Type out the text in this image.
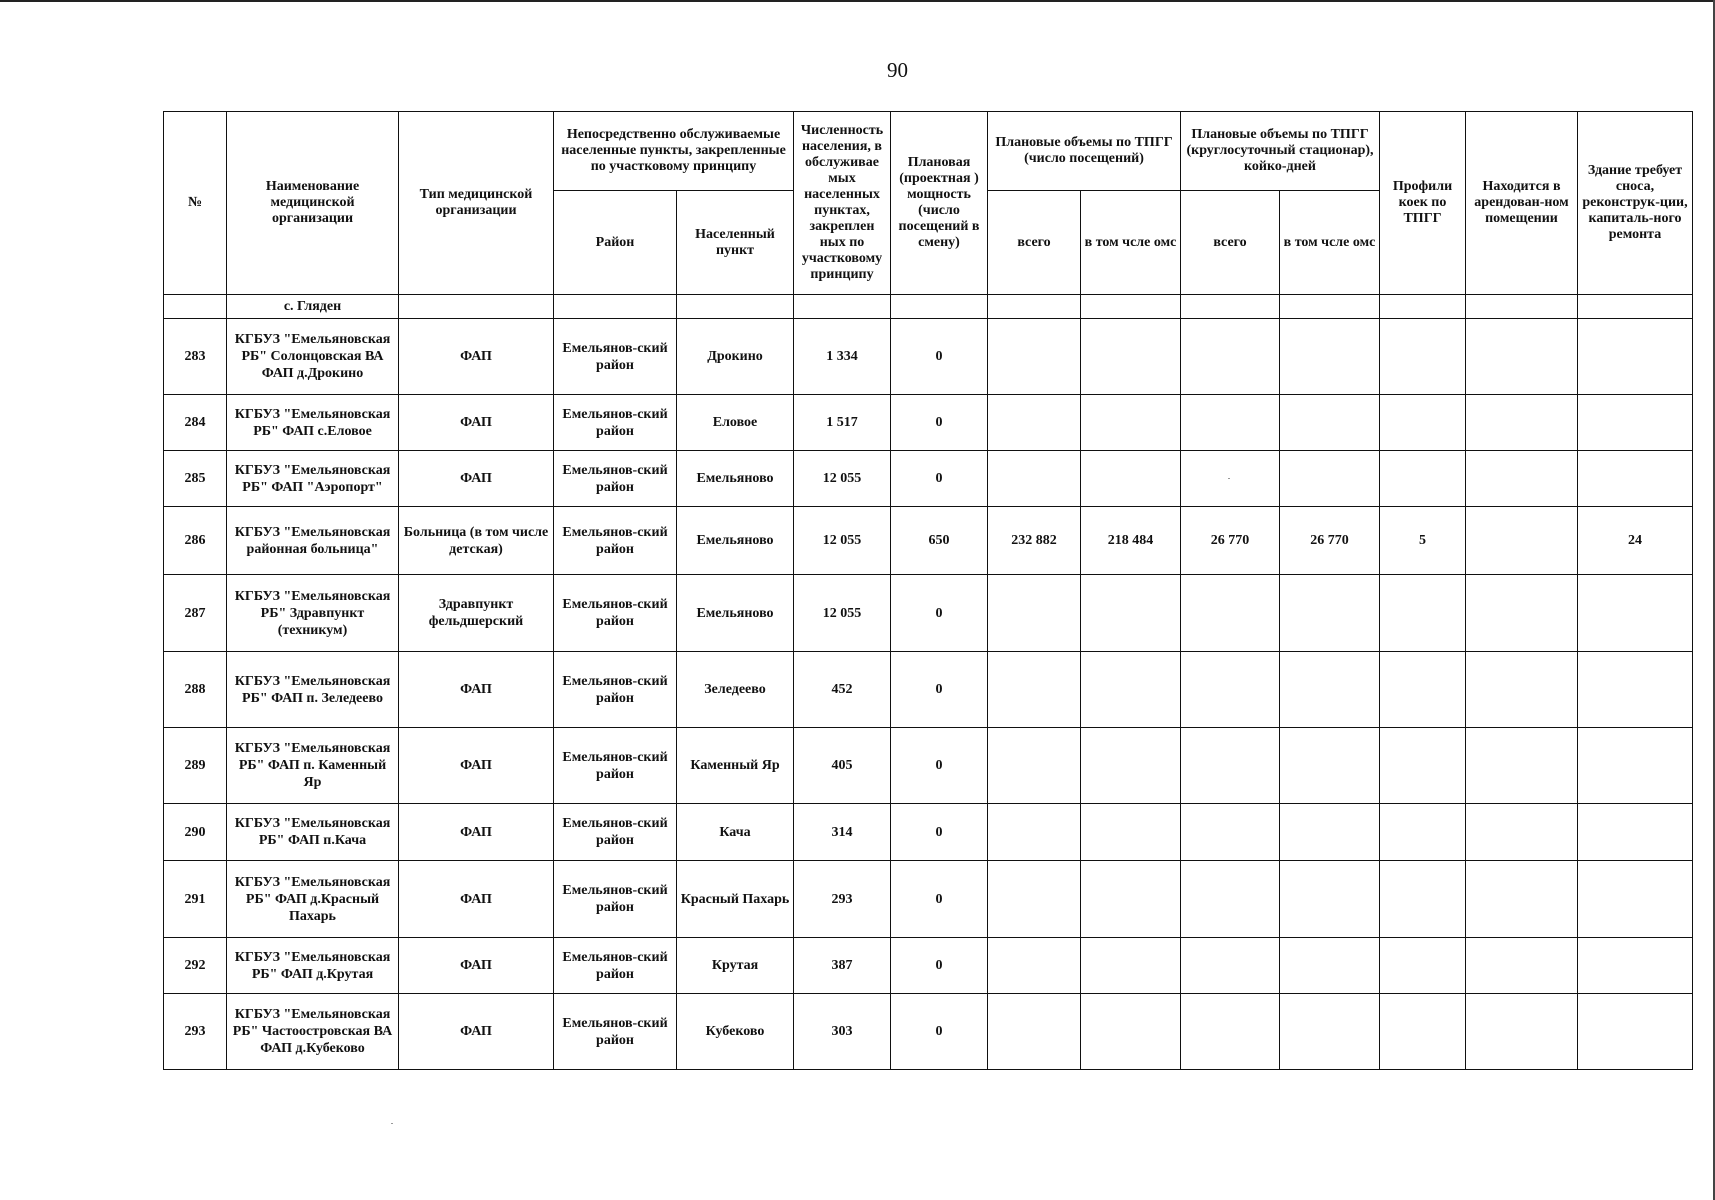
90
№	Наименование медицинской организации	Тип медицинской организации	Непосредственно обслуживаемые населенные пункты, закрепленные по участковому принципу		Численность населения, в обслуживае мых населенных пунктах, закреплен ных по участковому принципу	Плановая (проектная ) мощность (число посещений в смену)	Плановые объемы по ТПГГ (число посещений)		Плановые объемы по ТПГГ (круглосуточный стационар), койко-дней		Профили коек по ТПГГ	Находится в арендован-ном помещении	Здание требует сноса, реконструк-ции, капиталь-ного ремонта
			Район	Населенный пункт			всего	в том чсле омс	всего	в том чсле омс			
	с. Гляден												
283	КГБУЗ "Емельяновская РБ" Солонцовская ВА ФАП д.Дрокино	ФАП	Емельянов-ский район	Дрокино	1 334	0							
284	КГБУЗ "Емельяновская РБ" ФАП с.Еловое	ФАП	Емельянов-ский район	Еловое	1 517	0							
285	КГБУЗ "Емельяновская РБ" ФАП "Аэропорт"	ФАП	Емельянов-ский район	Емельяново	12 055	0							
286	КГБУЗ "Емельяновская районная больница"	Больница (в том числе детская)	Емельянов-ский район	Емельяново	12 055	650	232 882	218 484	26 770	26 770	5		24
287	КГБУЗ "Емельяновская РБ" Здравпункт (техникум)	Здравпункт фельдшерский	Емельянов-ский район	Емельяново	12 055	0							
288	КГБУЗ "Емельяновская РБ" ФАП п. Зеледеево	ФАП	Емельянов-ский район	Зеледеево	452	0							
289	КГБУЗ "Емельяновская РБ" ФАП п. Каменный Яр	ФАП	Емельянов-ский район	Каменный Яр	405	0							
290	КГБУЗ "Емельяновская РБ" ФАП п.Кача	ФАП	Емельянов-ский район	Кача	314	0							
291	КГБУЗ "Емельяновская РБ" ФАП д.Красный Пахарь	ФАП	Емельянов-ский район	Красный Пахарь	293	0							
292	КГБУЗ "Емельяновская РБ" ФАП д.Крутая	ФАП	Емельянов-ский район	Крутая	387	0							
293	КГБУЗ "Емельяновская РБ" Частоостровская ВА ФАП д.Кубеково	ФАП	Емельянов-ский район	Кубеково	303	0							
